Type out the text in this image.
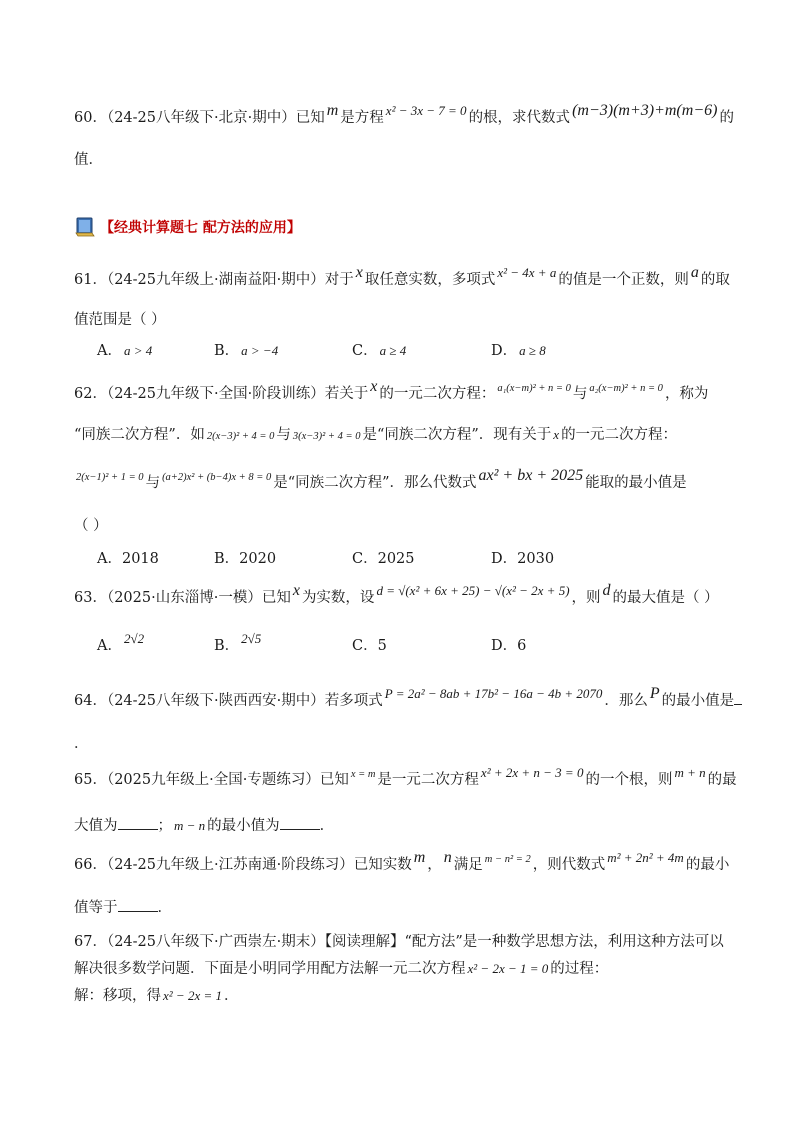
60．（24-25八年级下·北京·期中）已知 m 是方程 x² − 3x − 7 = 0 的根，求代数式 (m−3)(m+3)+m(m−6) 的
值．
【经典计算题七 配方法的应用】
61．（24-25九年级上·湖南益阳·期中）对于 x 取任意实数，多项式 x² − 4x + a 的值是一个正数，则 a 的取
值范围是（ ）
A． a > 4	B． a > −4	C． a ≥ 4	D． a ≥ 8
62．（24-25九年级下·全国·阶段训练）若关于 x 的一元二次方程： $^{a_1(x-m)^2 + n = 0}$ 与 $^{a_2(x-m)^2 + n = 0}$ ，称为
“同族二次方程”．如 2(x−3)² + 4 = 0 与 3(x−3)² + 4 = 0 是“同族二次方程”．现有关于 x 的一元二次方程：
$^{2(x-1)^2 + 1 = 0}$ 与 $^{(a+2)x^2 + (b-4)x + 8 = 0}$ 是“同族二次方程”．那么代数式 ax² + bx + 2025 能取的最小值是
（ ）
A．2018	B．2020	C．2025	D．2030
63．（2025·山东淄博·一模）已知 x 为实数，设 d = √(x² + 6x + 25) − √(x² − 2x + 5) ，则 d 的最大值是（ ）
A． 2√2	B． 2√5	C．5	D．6
64．（24-25八年级下·陕西西安·期中）若多项式 P = 2a² − 8ab + 17b² − 16a − 4b + 2070 ．那么 P 的最小值是
．
65．（2025九年级上·全国·专题练习）已知 $^{x = m}$ 是一元二次方程 x² + 2x + n − 3 = 0 的一个根，则 m + n 的最
大值为	； m − n 的最小值为	．
66．（24-25九年级上·江苏南通·阶段练习）已知实数 m ， n 满足 $^{m - n^2 = 2}$ ，则代数式 m² + 2n² + 4m 的最小
值等于	．
67．（24-25八年级下·广西崇左·期末）【阅读理解】“配方法”是一种数学思想方法，利用这种方法可以
解决很多数学问题．下面是小明同学用配方法解一元二次方程 x² − 2x − 1 = 0 的过程：
解：移项，得 x² − 2x = 1 ．
